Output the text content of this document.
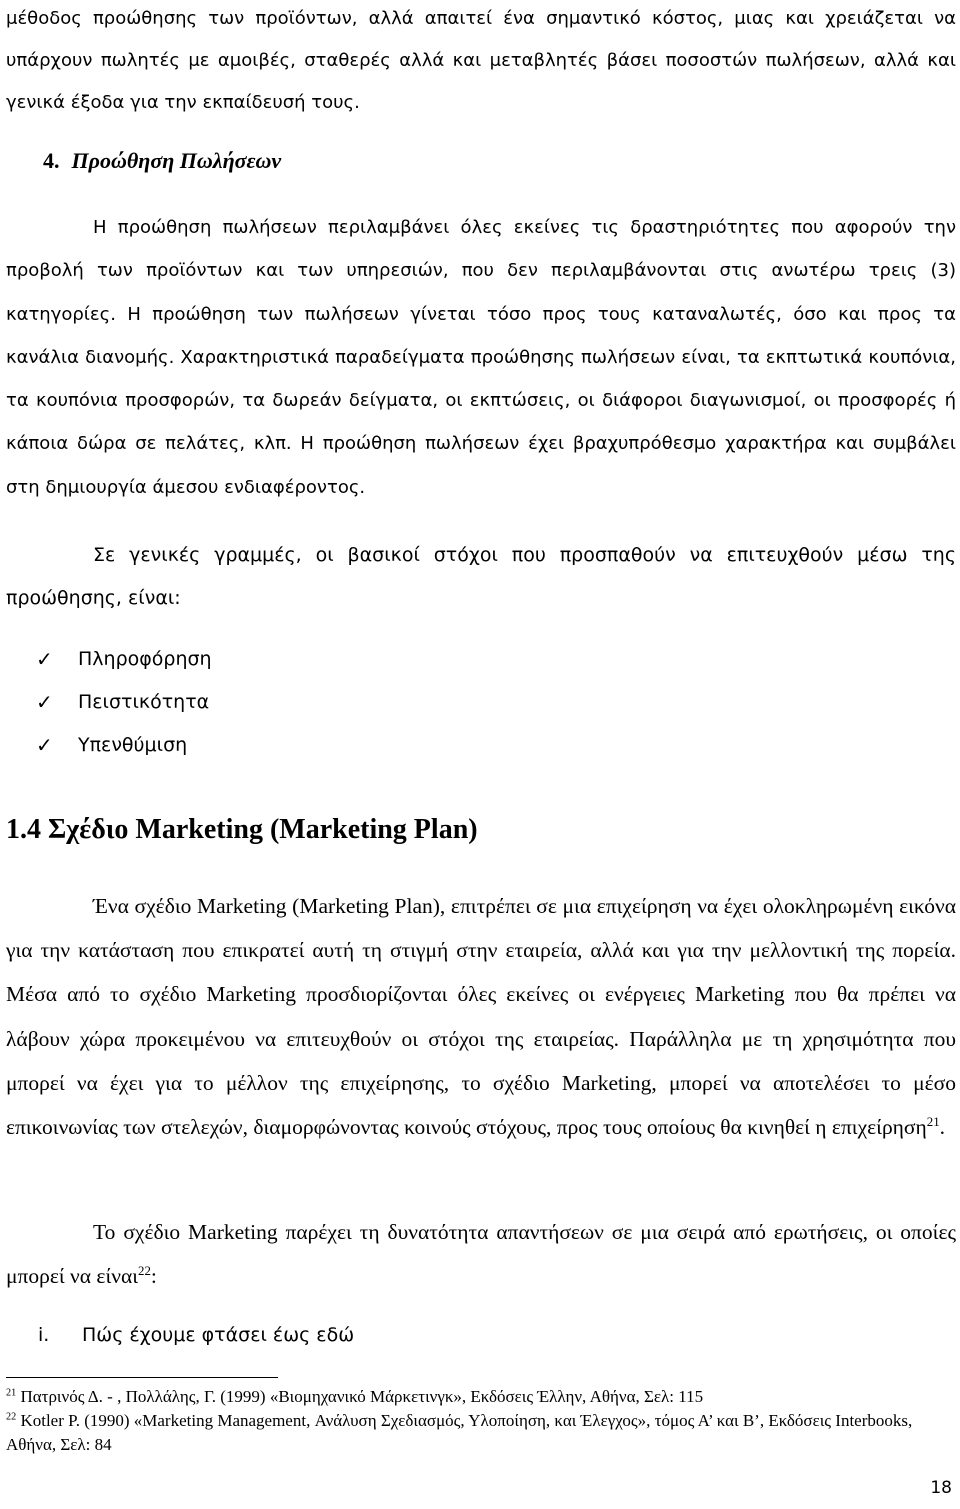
μέθοδος προώθησης των προϊόντων, αλλά απαιτεί ένα σημαντικό κόστος, μιας και χρειάζεται να υπάρχουν πωλητές με αμοιβές, σταθερές αλλά και μεταβλητές βάσει ποσοστών πωλήσεων, αλλά και γενικά έξοδα για την εκπαίδευσή τους.

4. Προώθηση Πωλήσεων

Η προώθηση πωλήσεων περιλαμβάνει όλες εκείνες τις δραστηριότητες που αφορούν την προβολή των προϊόντων και των υπηρεσιών, που δεν περιλαμβάνονται στις ανωτέρω τρεις (3) κατηγορίες. Η προώθηση των πωλήσεων γίνεται τόσο προς τους καταναλωτές, όσο και προς τα κανάλια διανομής. Χαρακτηριστικά παραδείγματα προώθησης πωλήσεων είναι, τα εκπτωτικά κουπόνια, τα κουπόνια προσφορών, τα δωρεάν δείγματα, οι εκπτώσεις, οι διάφοροι διαγωνισμοί, οι προσφορές ή κάποια δώρα σε πελάτες, κλπ. Η προώθηση πωλήσεων έχει βραχυπρόθεσμο χαρακτήρα και συμβάλει στη δημιουργία άμεσου ενδιαφέροντος.

Σε γενικές γραμμές, οι βασικοί στόχοι που προσπαθούν να επιτευχθούν μέσω της προώθησης, είναι:

✓	Πληροφόρηση
✓	Πειστικότητα
✓	Υπενθύμιση
1.4 Σχέδιο Marketing (Marketing Plan)

Ένα σχέδιο Marketing (Marketing Plan), επιτρέπει σε μια επιχείρηση να έχει ολοκληρωμένη εικόνα για την κατάσταση που επικρατεί αυτή τη στιγμή στην εταιρεία, αλλά και για την μελλοντική της πορεία. Μέσα από το σχέδιο Marketing προσδιορίζονται όλες εκείνες οι ενέργειες Marketing που θα πρέπει να λάβουν χώρα προκειμένου να επιτευχθούν οι στόχοι της εταιρείας. Παράλληλα με τη χρησιμότητα που μπορεί να έχει για το μέλλον της επιχείρησης, το σχέδιο Marketing, μπορεί να αποτελέσει το μέσο επικοινωνίας των στελεχών, διαμορφώνοντας κοινούς στόχους, προς τους οποίους θα κινηθεί η επιχείρηση$^{21}$.

Το σχέδιο Marketing παρέχει τη δυνατότητα απαντήσεων σε μια σειρά από ερωτήσεις, οι οποίες μπορεί να είναι$^{22}$:

i.	Πώς έχουμε φτάσει έως εδώ

$^{21}$ Πατρινός Δ. - , Πολλάλης, Γ. (1999) «Βιομηχανικό Μάρκετινγκ», Εκδόσεις Έλλην, Αθήνα, Σελ: 115

$^{22}$ Kotler P. (1990) «Marketing Management, Ανάλυση Σχεδιασμός, Υλοποίηση, και Έλεγχος», τόμος Α’ και Β’, Εκδόσεις Interbooks, Αθήνα, Σελ: 84

18
